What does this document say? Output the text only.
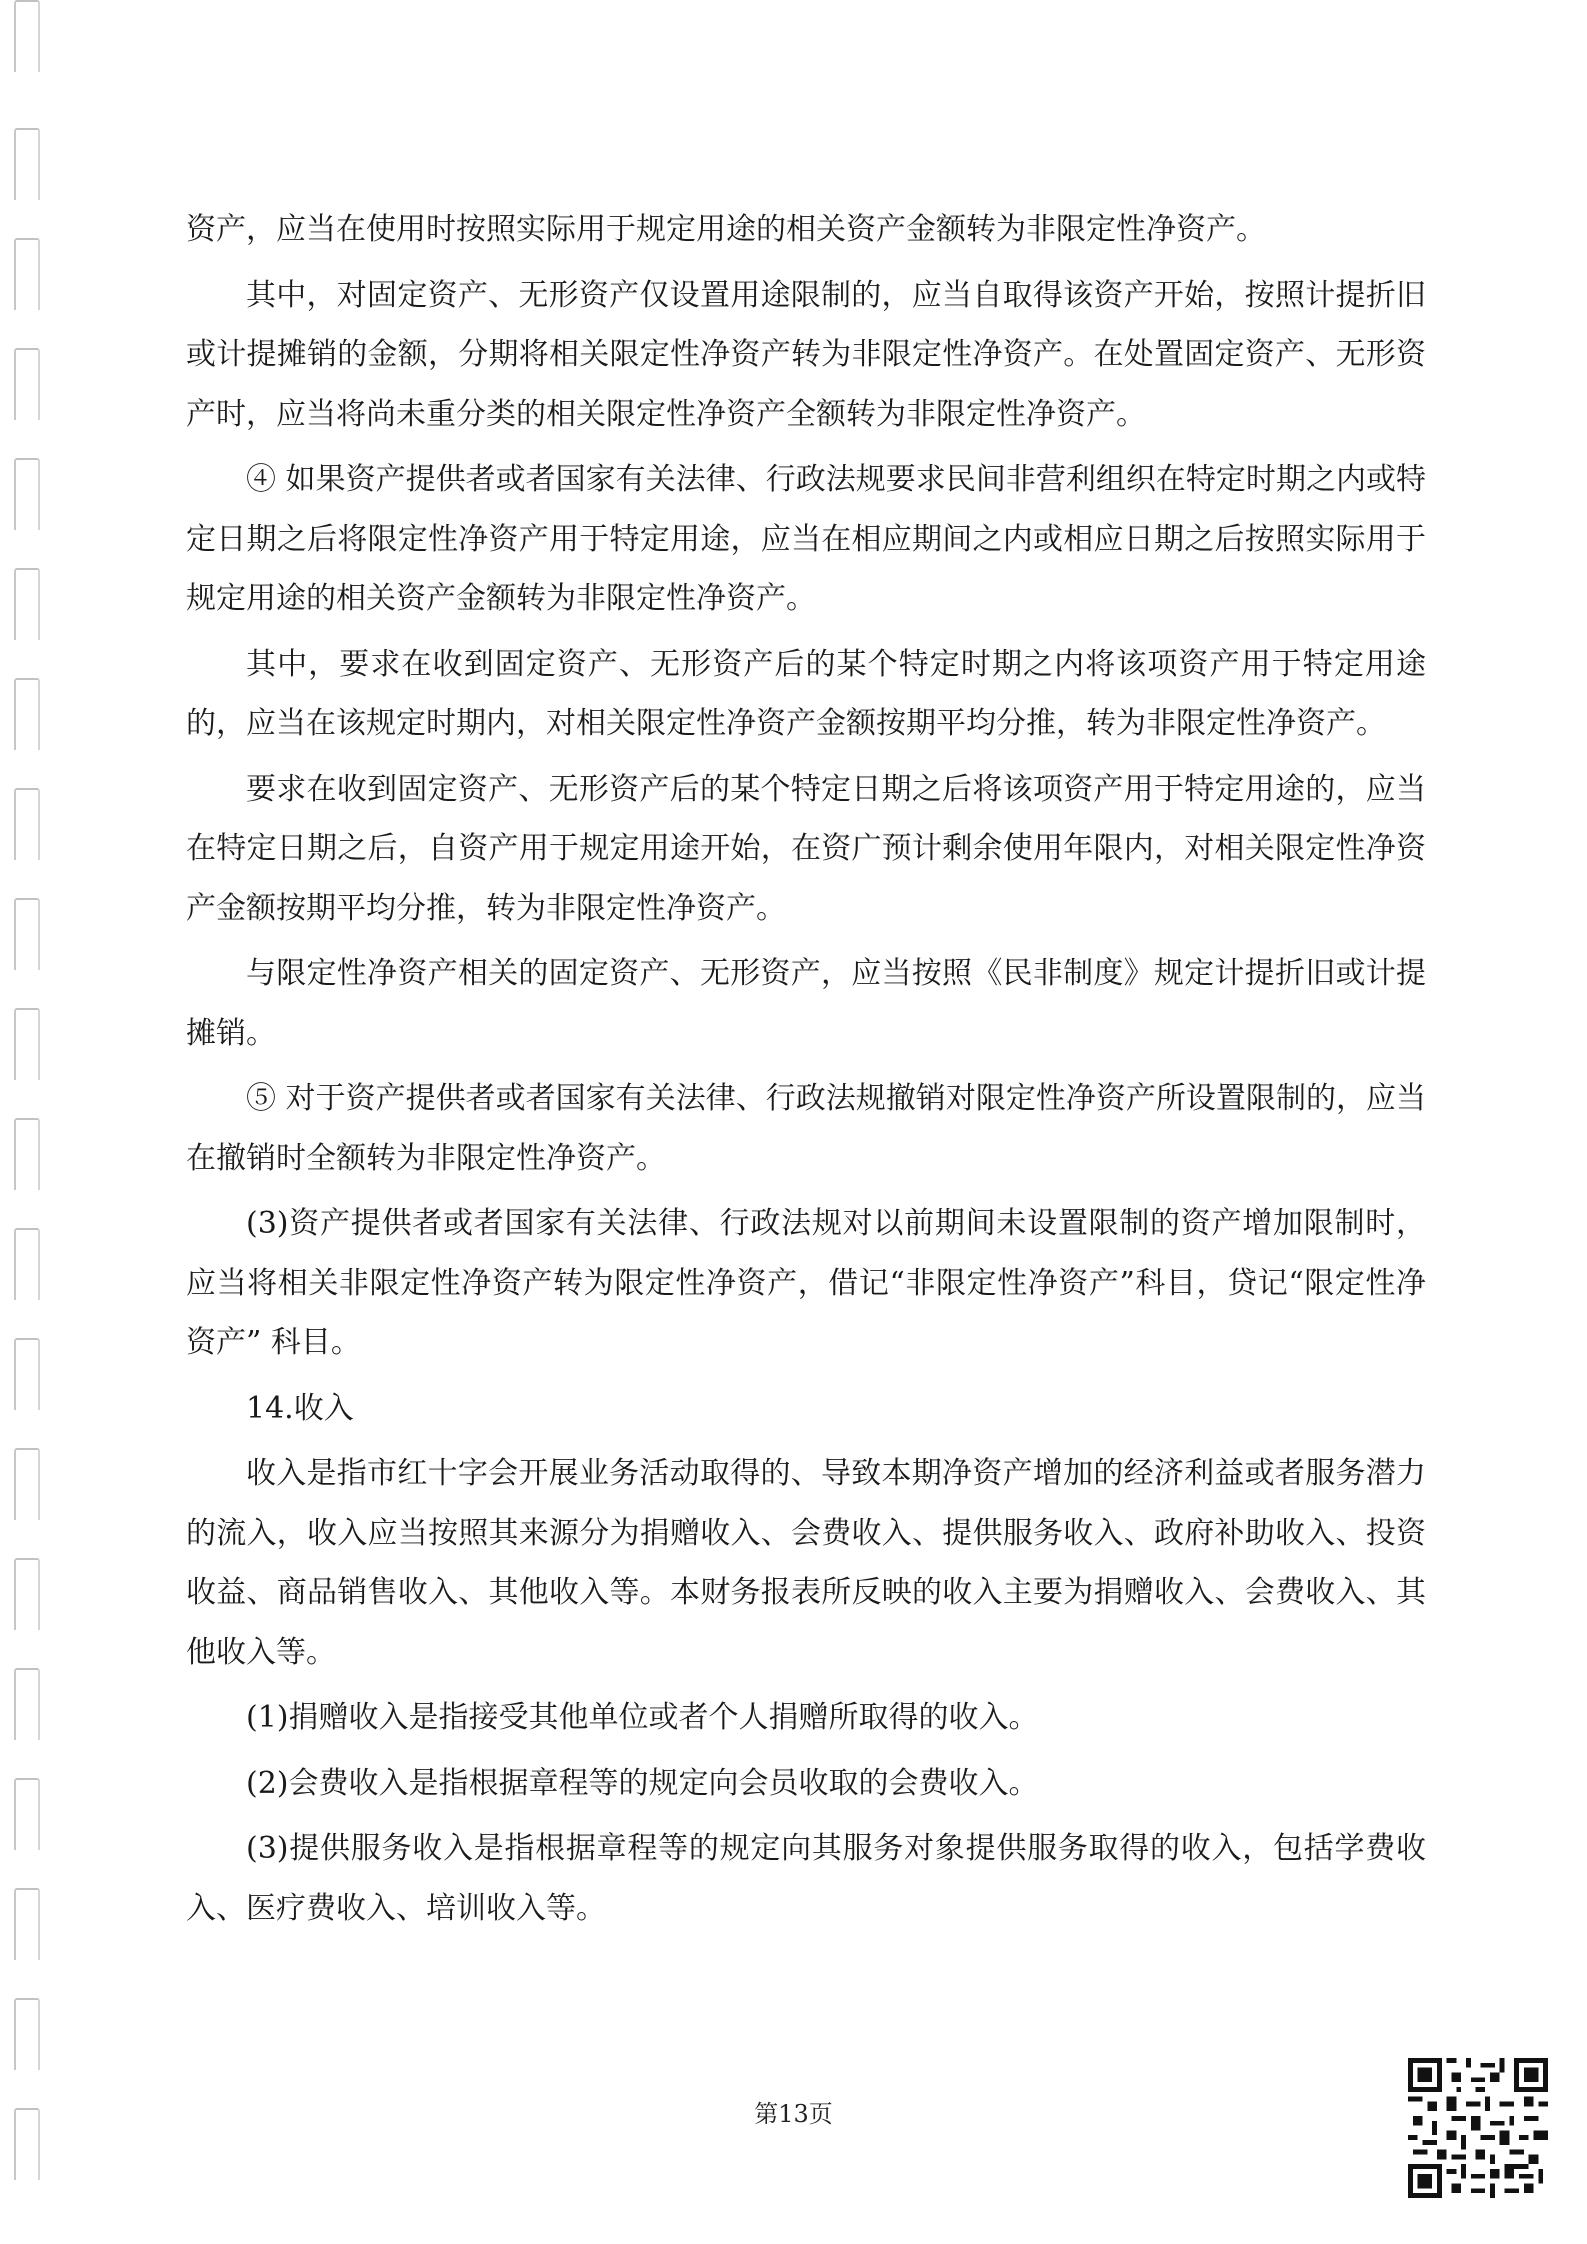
资产，应当在使用时按照实际用于规定用途的相关资产金额转为非限定性净资产。

其中，对固定资产、无形资产仅设置用途限制的，应当自取得该资产开始，按照计提折旧或计提摊销的金额，分期将相关限定性净资产转为非限定性净资产。在处置固定资产、无形资产时，应当将尚未重分类的相关限定性净资产全额转为非限定性净资产。

④ 如果资产提供者或者国家有关法律、行政法规要求民间非营利组织在特定时期之内或特定日期之后将限定性净资产用于特定用途，应当在相应期间之内或相应日期之后按照实际用于规定用途的相关资产金额转为非限定性净资产。

其中，要求在收到固定资产、无形资产后的某个特定时期之内将该项资产用于特定用途的，应当在该规定时期内，对相关限定性净资产金额按期平均分推，转为非限定性净资产。

要求在收到固定资产、无形资产后的某个特定日期之后将该项资产用于特定用途的，应当在特定日期之后，自资产用于规定用途开始，在资广预计剩余使用年限内，对相关限定性净资产金额按期平均分推，转为非限定性净资产。

与限定性净资产相关的固定资产、无形资产，应当按照《民非制度》规定计提折旧或计提摊销。

⑤ 对于资产提供者或者国家有关法律、行政法规撤销对限定性净资产所设置限制的，应当在撤销时全额转为非限定性净资产。

(3)资产提供者或者国家有关法律、行政法规对以前期间未设置限制的资产增加限制时，应当将相关非限定性净资产转为限定性净资产，借记“非限定性净资产”科目，贷记“限定性净资产” 科目。

14.收入

收入是指市红十字会开展业务活动取得的、导致本期净资产增加的经济利益或者服务潜力的流入，收入应当按照其来源分为捐赠收入、会费收入、提供服务收入、政府补助收入、投资收益、商品销售收入、其他收入等。本财务报表所反映的收入主要为捐赠收入、会费收入、其他收入等。

(1)捐赠收入是指接受其他单位或者个人捐赠所取得的收入。

(2)会费收入是指根据章程等的规定向会员收取的会费收入。

(3)提供服务收入是指根据章程等的规定向其服务对象提供服务取得的收入，包括学费收入、医疗费收入、培训收入等。

第13页
